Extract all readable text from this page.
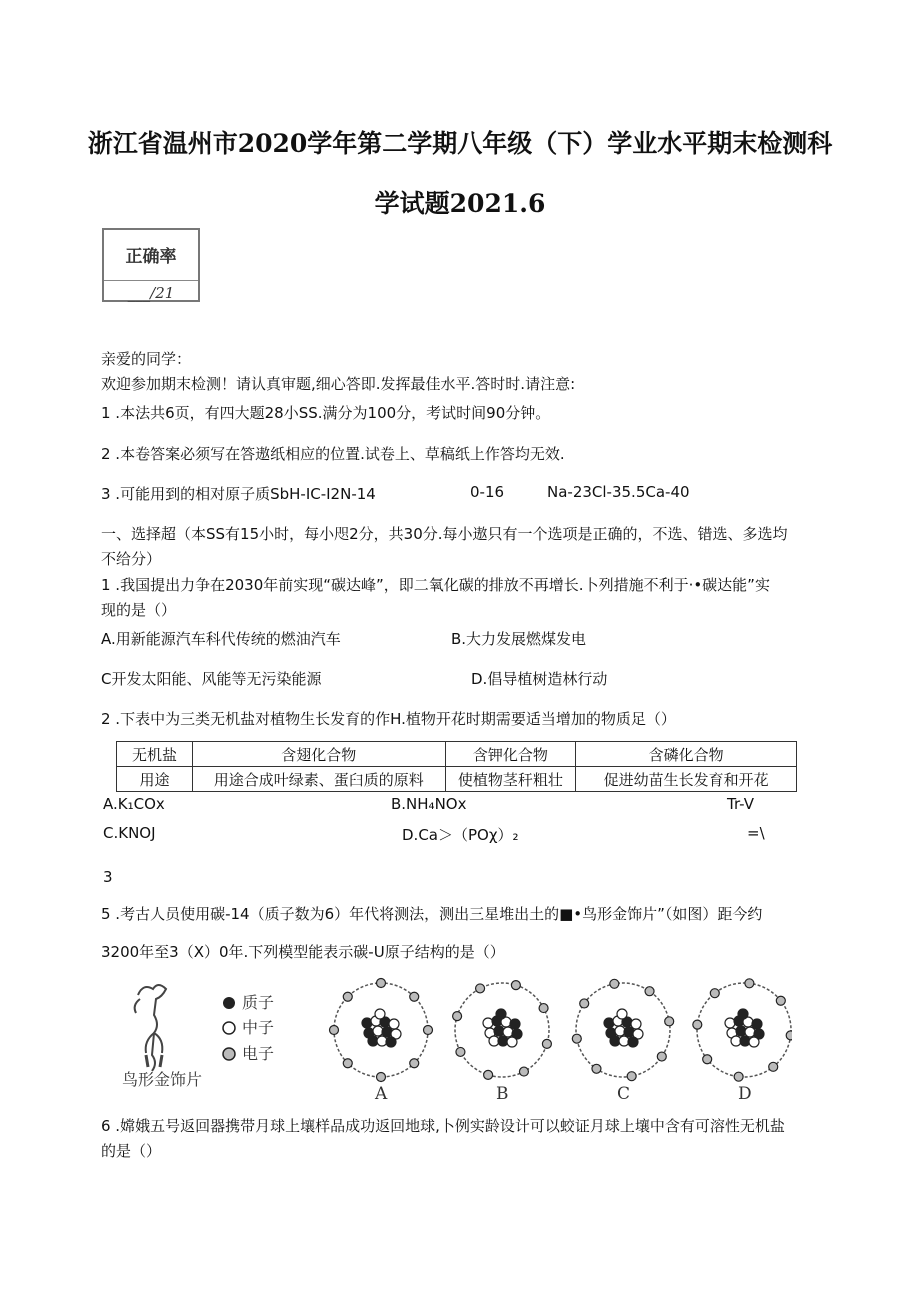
浙江省温州市2020学年第二学期八年级（下）学业水平期末检测科
学试题2021.6
正确率
___/21
亲爱的同学：
欢迎参加期末检测！请认真审题,细心答即.发挥最佳水平.答时时.请注意:
1 .本法共6页，有四大题28小SS.满分为100分，考试时间90分钟。
2 .本卷答案必须写在答遨纸相应的位置.试卷上、草稿纸上作答均无效.
3 .可能用到的相对原子质SbH-IC-I2N-14	0-16	Na-23Cl-35.5Ca-40
一、选择超（本SS有15小时，每小咫2分，共30分.每小遨只有一个选项是正确的，不选、错选、多选均
不给分）
1 .我国提出力争在2030年前实现“碳达峰”，即二氧化碳的排放不再增长.卜列措施不利于·•碳达能”实
现的是（）
A.用新能源汽车科代传统的燃油汽车	B.大力发展燃煤发电
C开发太阳能、风能等无污染能源	D.倡导植树造林行动
2 .下表中为三类无机盐对植物生长发育的作H.植物开花时期需要适当增加的物质足（）
无机盐	含翅化合物	含钾化合物	含磷化合物
用途	用途合成叶绿素、蛋臼质的原料	使植物茎秆粗壮	促进幼苗生长发育和开花
A.K₁COx	B.NH₄NOx	Tr-V
C.KNOJ	D.Ca＞（POχ）₂	=\
3
5 .考古人员使用碳-14（质子数为6）年代将测法，测出三星堆出土的■•鸟形金饰片”（如图）距今约
3200年至3（X）0年.下列模型能表示碳-U原子结构的是（）
鸟形金饰片
质子
中子
电子
A	B	C	D
6 .嫦娥五号返回器携带月球上壤样品成功返回地球,卜例实龄设计可以蛟证月球上壤中含有可溶性无机盐
的是（）
